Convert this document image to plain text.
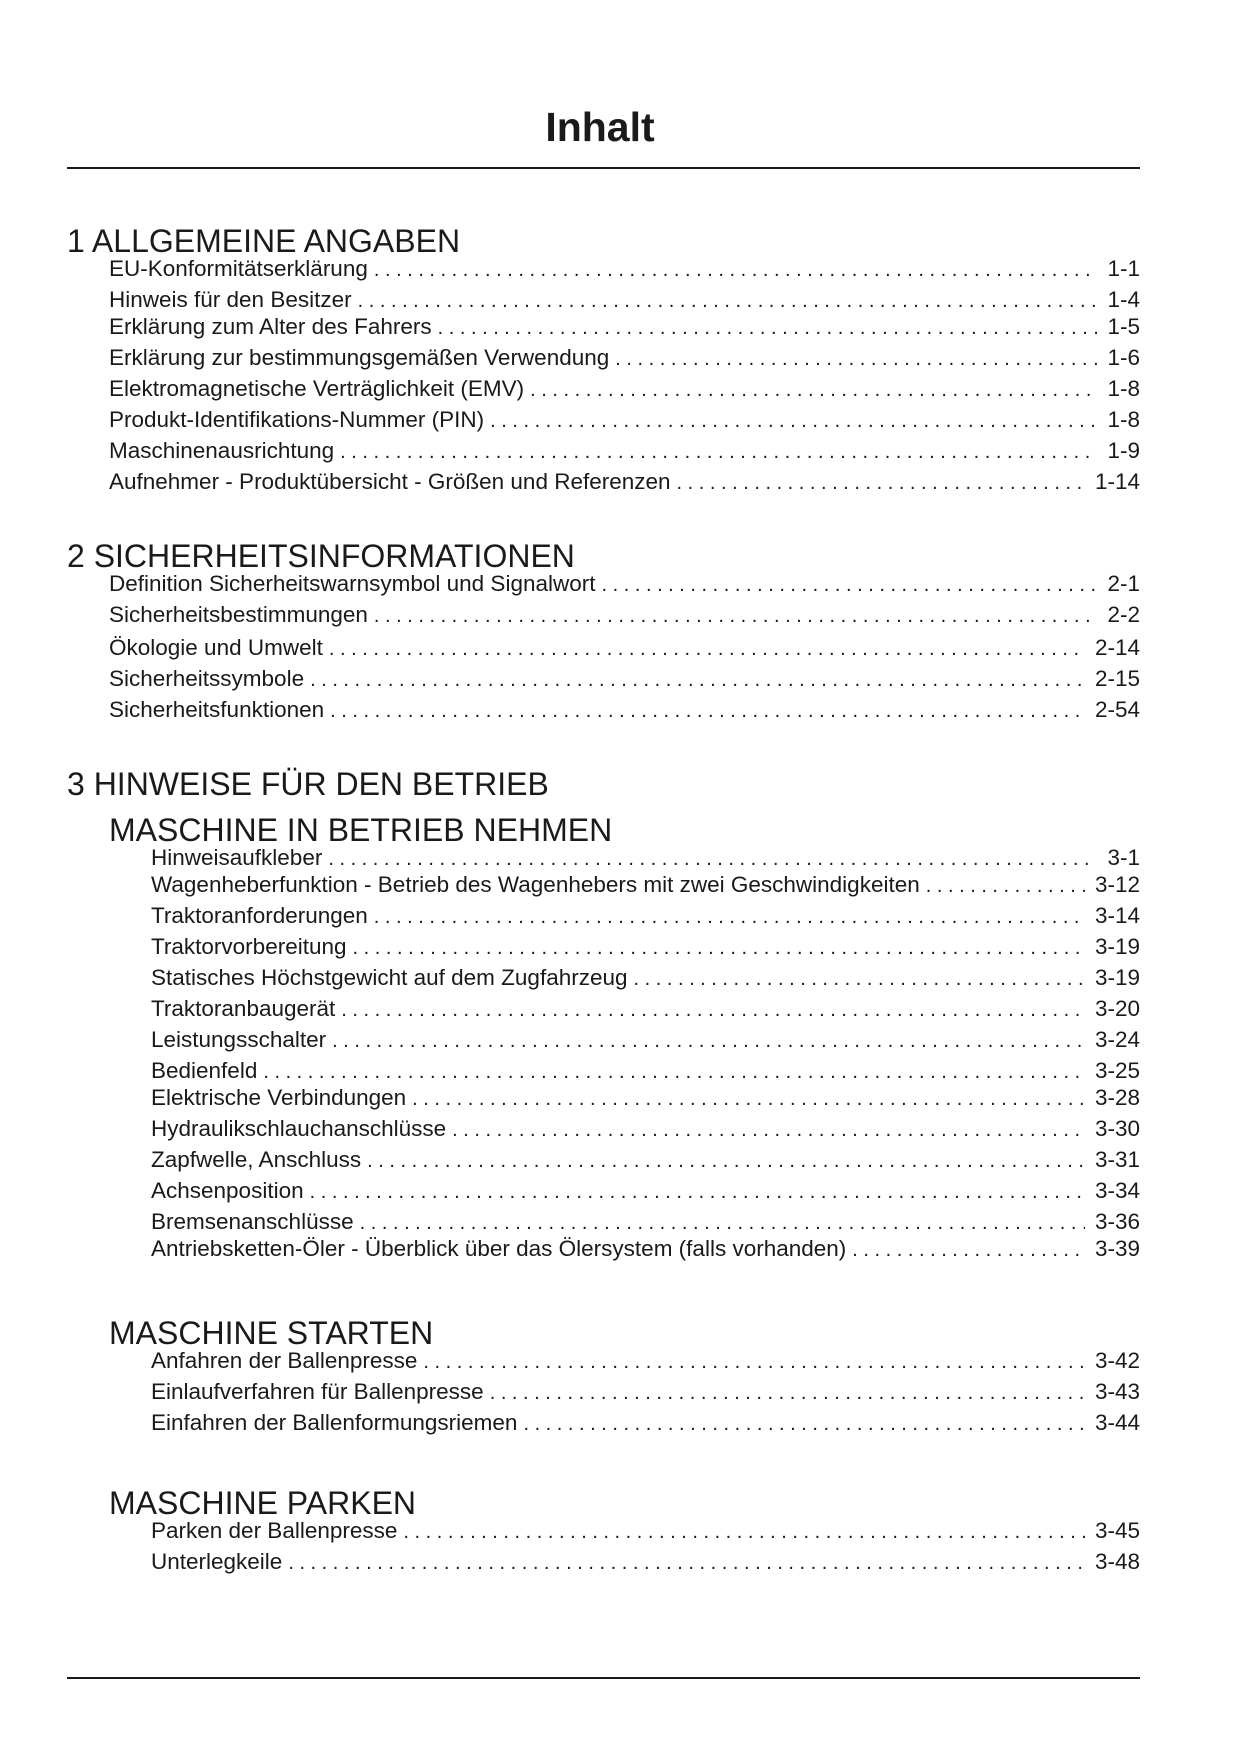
Inhalt
1 ALLGEMEINE ANGABEN
EU-Konformitätserklärung . . .	1-1
Hinweis für den Besitzer . . .	1-4
Erklärung zum Alter des Fahrers . . .	1-5
Erklärung zur bestimmungsgemäßen Verwendung . . .	1-6
Elektromagnetische Verträglichkeit (EMV) . . .	1-8
Produkt-Identifikations-Nummer (PIN) . . .	1-8
Maschinenausrichtung . . .	1-9
Aufnehmer - Produktübersicht - Größen und Referenzen . . .	1-14
2 SICHERHEITSINFORMATIONEN
Definition Sicherheitswarnsymbol und Signalwort . . .	2-1
Sicherheitsbestimmungen . . .	2-2
Ökologie und Umwelt . . .	2-14
Sicherheitssymbole . . .	2-15
Sicherheitsfunktionen . . .	2-54
3 HINWEISE FÜR DEN BETRIEB
MASCHINE IN BETRIEB NEHMEN
Hinweisaufkleber . . .	3-1
Wagenheberfunktion - Betrieb des Wagenhebers mit zwei Geschwindigkeiten . . .	3-12
Traktoranforderungen . . .	3-14
Traktorvorbereitung . . .	3-19
Statisches Höchstgewicht auf dem Zugfahrzeug . . .	3-19
Traktoranbaugerät . . .	3-20
Leistungsschalter . . .	3-24
Bedienfeld . . .	3-25
Elektrische Verbindungen . . .	3-28
Hydraulikschlauchanschlüsse . . .	3-30
Zapfwelle, Anschluss . . .	3-31
Achsenposition . . .	3-34
Bremsenanschlüsse . . .	3-36
Antriebsketten-Öler - Überblick über das Ölersystem (falls vorhanden) . . .	3-39
MASCHINE STARTEN
Anfahren der Ballenpresse . . .	3-42
Einlaufverfahren für Ballenpresse . . .	3-43
Einfahren der Ballenformungsriemen . . .	3-44
MASCHINE PARKEN
Parken der Ballenpresse . . .	3-45
Unterlegkeile . . .	3-48
